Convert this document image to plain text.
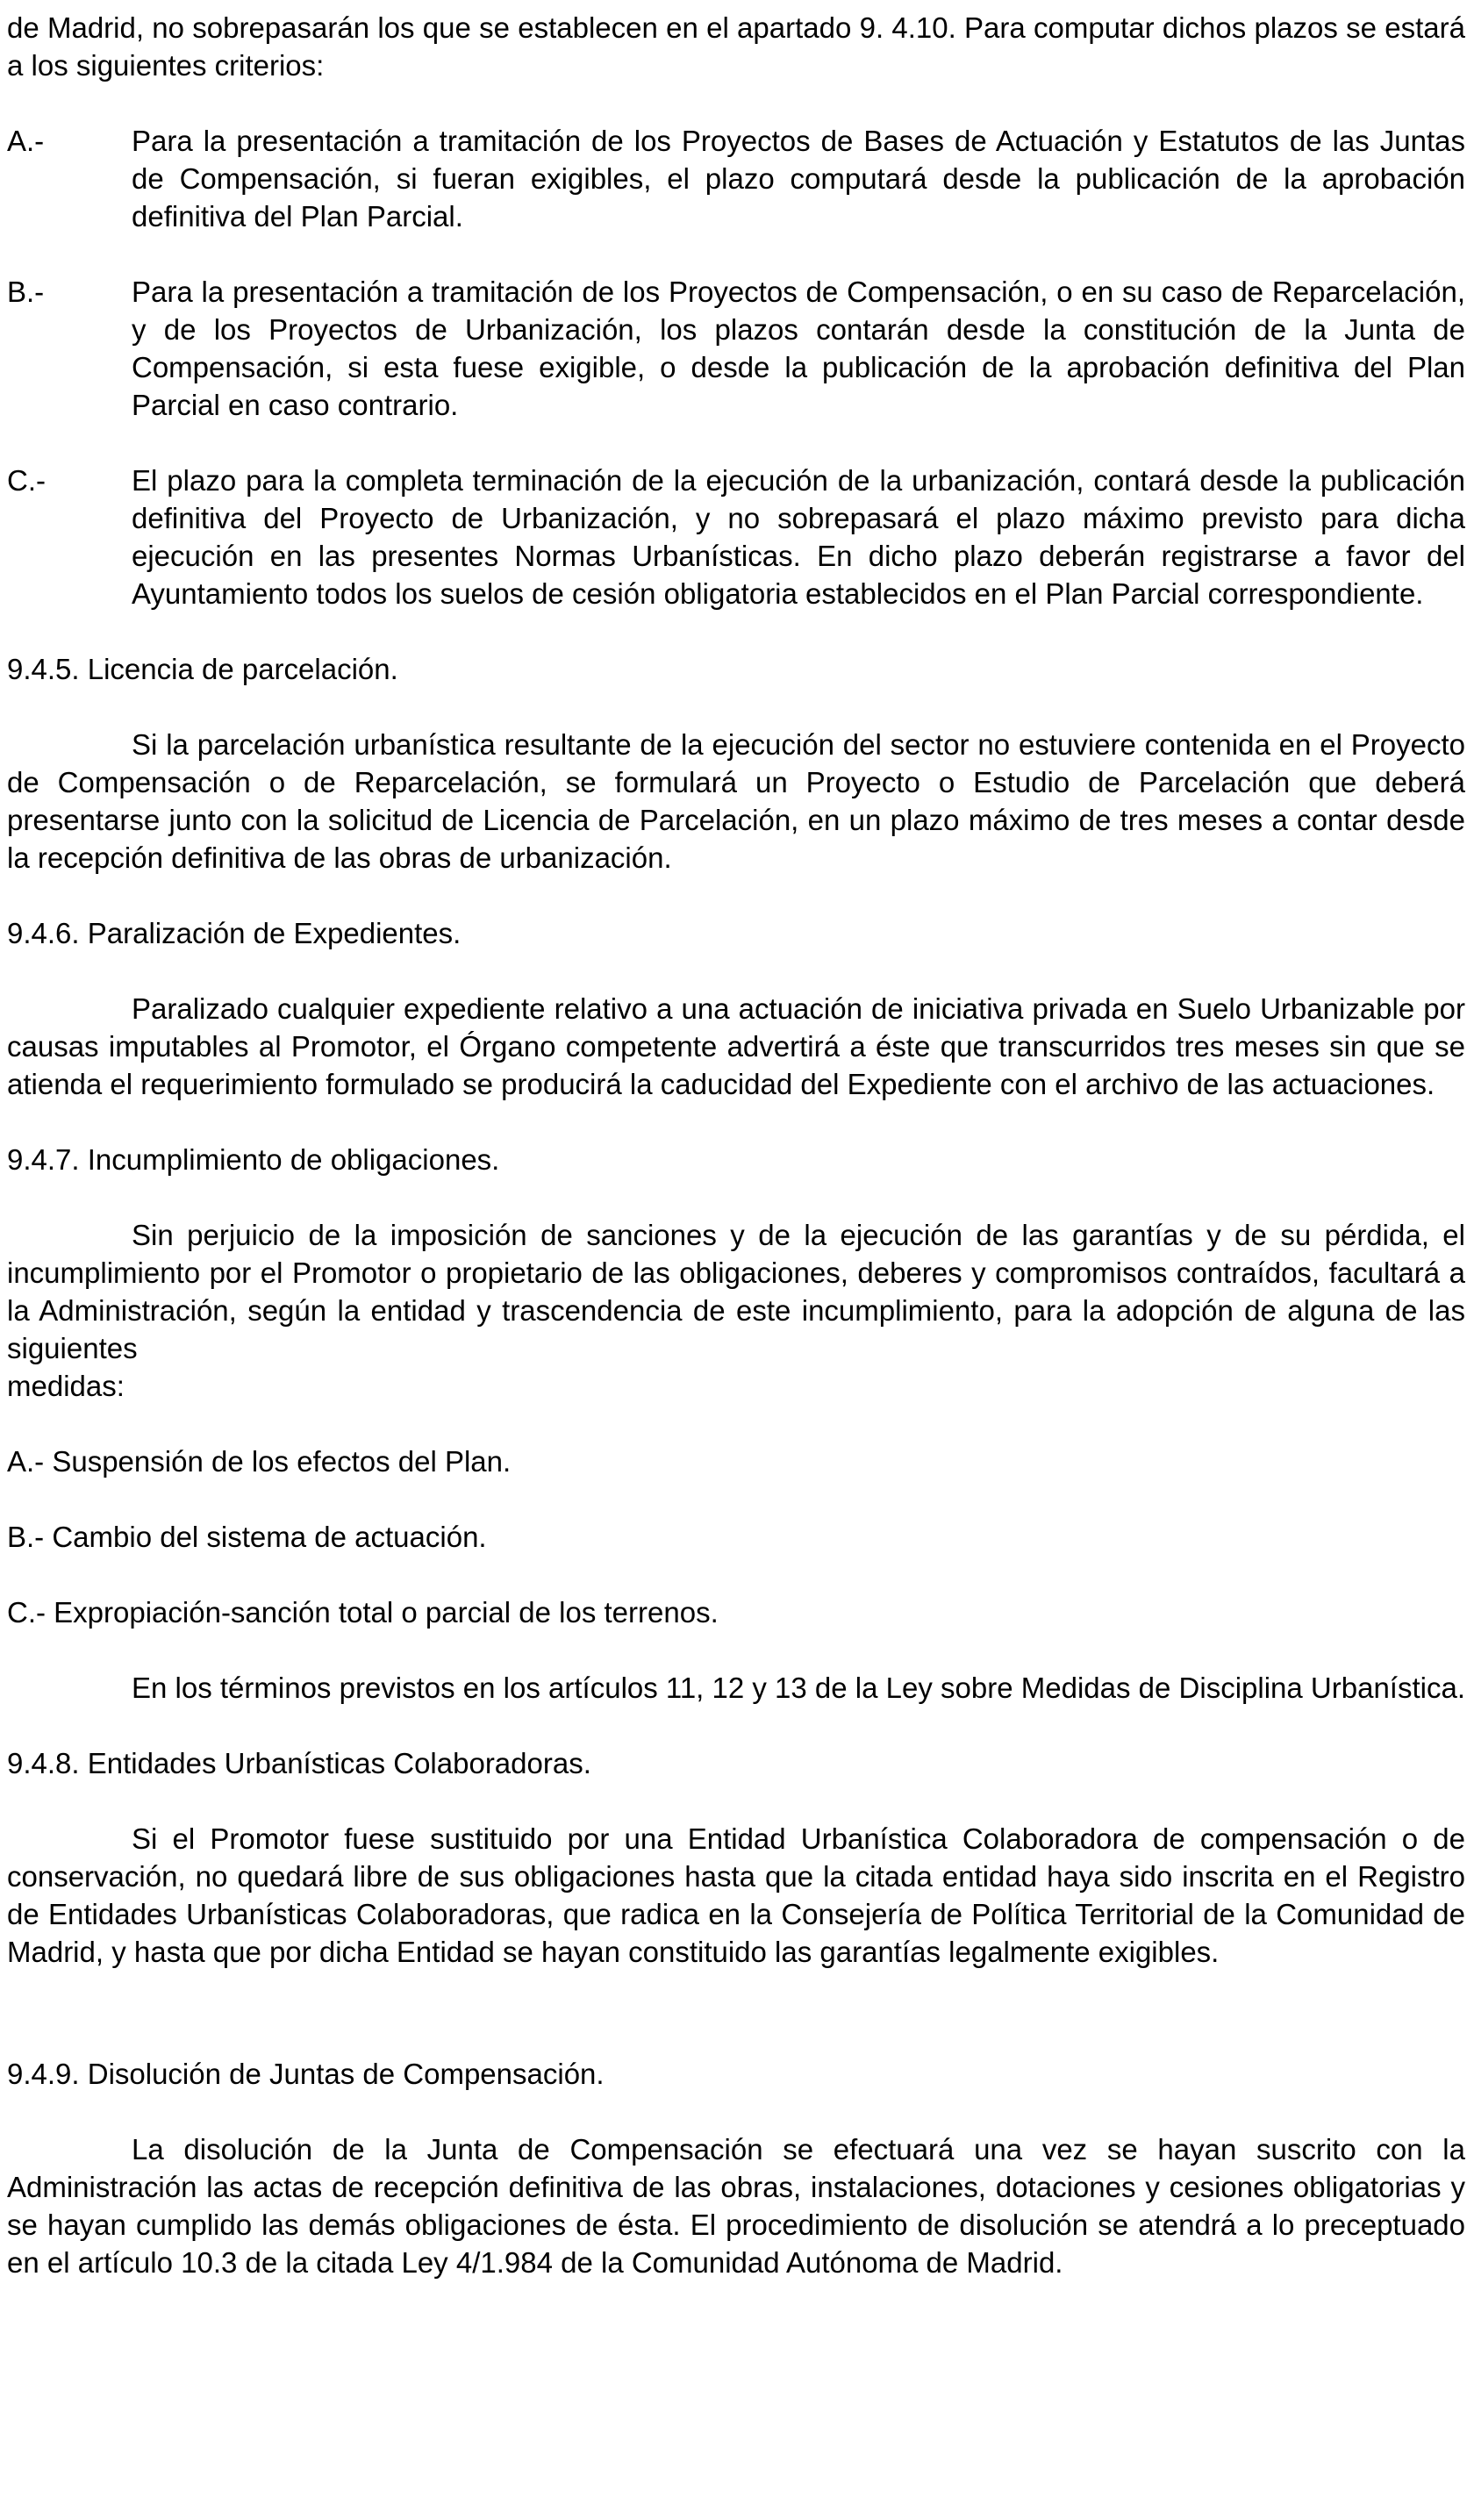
de Madrid, no sobrepasarán los que se establecen en el apartado 9. 4.10. Para computar dichos plazos se estará a los siguientes criterios:
A.-	Para la presentación a tramitación de los Proyectos de Bases de Actuación y Estatutos de las Juntas de Compensación, si fueran exigibles, el plazo computará desde la publicación de la aprobación definitiva del Plan Parcial.
B.-	Para la presentación a tramitación de los Proyectos de Compensación, o en su caso de Reparcelación, y de los Proyectos de Urbanización, los plazos contarán desde la constitución de la Junta de Compensación, si esta fuese exigible, o desde la publicación de la aprobación definitiva del Plan Parcial en caso contrario.
C.-	El plazo para la completa terminación de la ejecución de la urbanización, contará desde la publicación definitiva del Proyecto de Urbanización, y no sobrepasará el plazo máximo previsto para dicha ejecución en las presentes Normas Urbanísticas. En dicho plazo deberán registrarse a favor del Ayuntamiento todos los suelos de cesión obligatoria establecidos en el Plan Parcial correspondiente.
9.4.5. Licencia de parcelación.
Si la parcelación urbanística resultante de la ejecución del sector no estuviere contenida en el Proyecto de Compensación o de Reparcelación, se formulará un Proyecto o Estudio de Parcelación que deberá presentarse junto con la solicitud de Licencia de Parcelación, en un plazo máximo de tres meses a contar desde la recepción definitiva de las obras de urbanización.
9.4.6. Paralización de Expedientes.
Paralizado cualquier expediente relativo a una actuación de iniciativa privada en Suelo Urbanizable por causas imputables al Promotor, el Órgano competente advertirá a éste que transcurridos tres meses sin que se atienda el requerimiento formulado se producirá la caducidad del Expediente con el archivo de las actuaciones.
9.4.7. Incumplimiento de obligaciones.
Sin perjuicio de la imposición de sanciones y de la ejecución de las garantías y de su pérdida, el incumplimiento por el Promotor o propietario de las obligaciones, deberes y compromisos contraídos, facultará a la Administración, según la entidad y trascendencia de este incumplimiento, para la adopción de alguna de las siguientes
medidas:
A.- Suspensión de los efectos del Plan.
B.- Cambio del sistema de actuación.
C.- Expropiación-sanción total o parcial de los terrenos.
En los términos previstos en los artículos 11, 12 y 13 de la Ley sobre Medidas de Disciplina Urbanística.
9.4.8. Entidades Urbanísticas Colaboradoras.
Si el Promotor fuese sustituido por una Entidad Urbanística Colaboradora de compensación o de conservación, no quedará libre de sus obligaciones hasta que la citada entidad haya sido inscrita en el Registro de Entidades Urbanísticas Colaboradoras, que radica en la Consejería de Política Territorial de la Comunidad de Madrid, y hasta que por dicha Entidad se hayan constituido las garantías legalmente exigibles.
9.4.9. Disolución de Juntas de Compensación.
La disolución de la Junta de Compensación se efectuará una vez se hayan suscrito con la Administración las actas de recepción definitiva de las obras, instalaciones, dotaciones y cesiones obligatorias y se hayan cumplido las demás obligaciones de ésta. El procedimiento de disolución se atendrá a lo preceptuado en el artículo 10.3 de la citada Ley 4/1.984 de la Comunidad Autónoma de Madrid.
